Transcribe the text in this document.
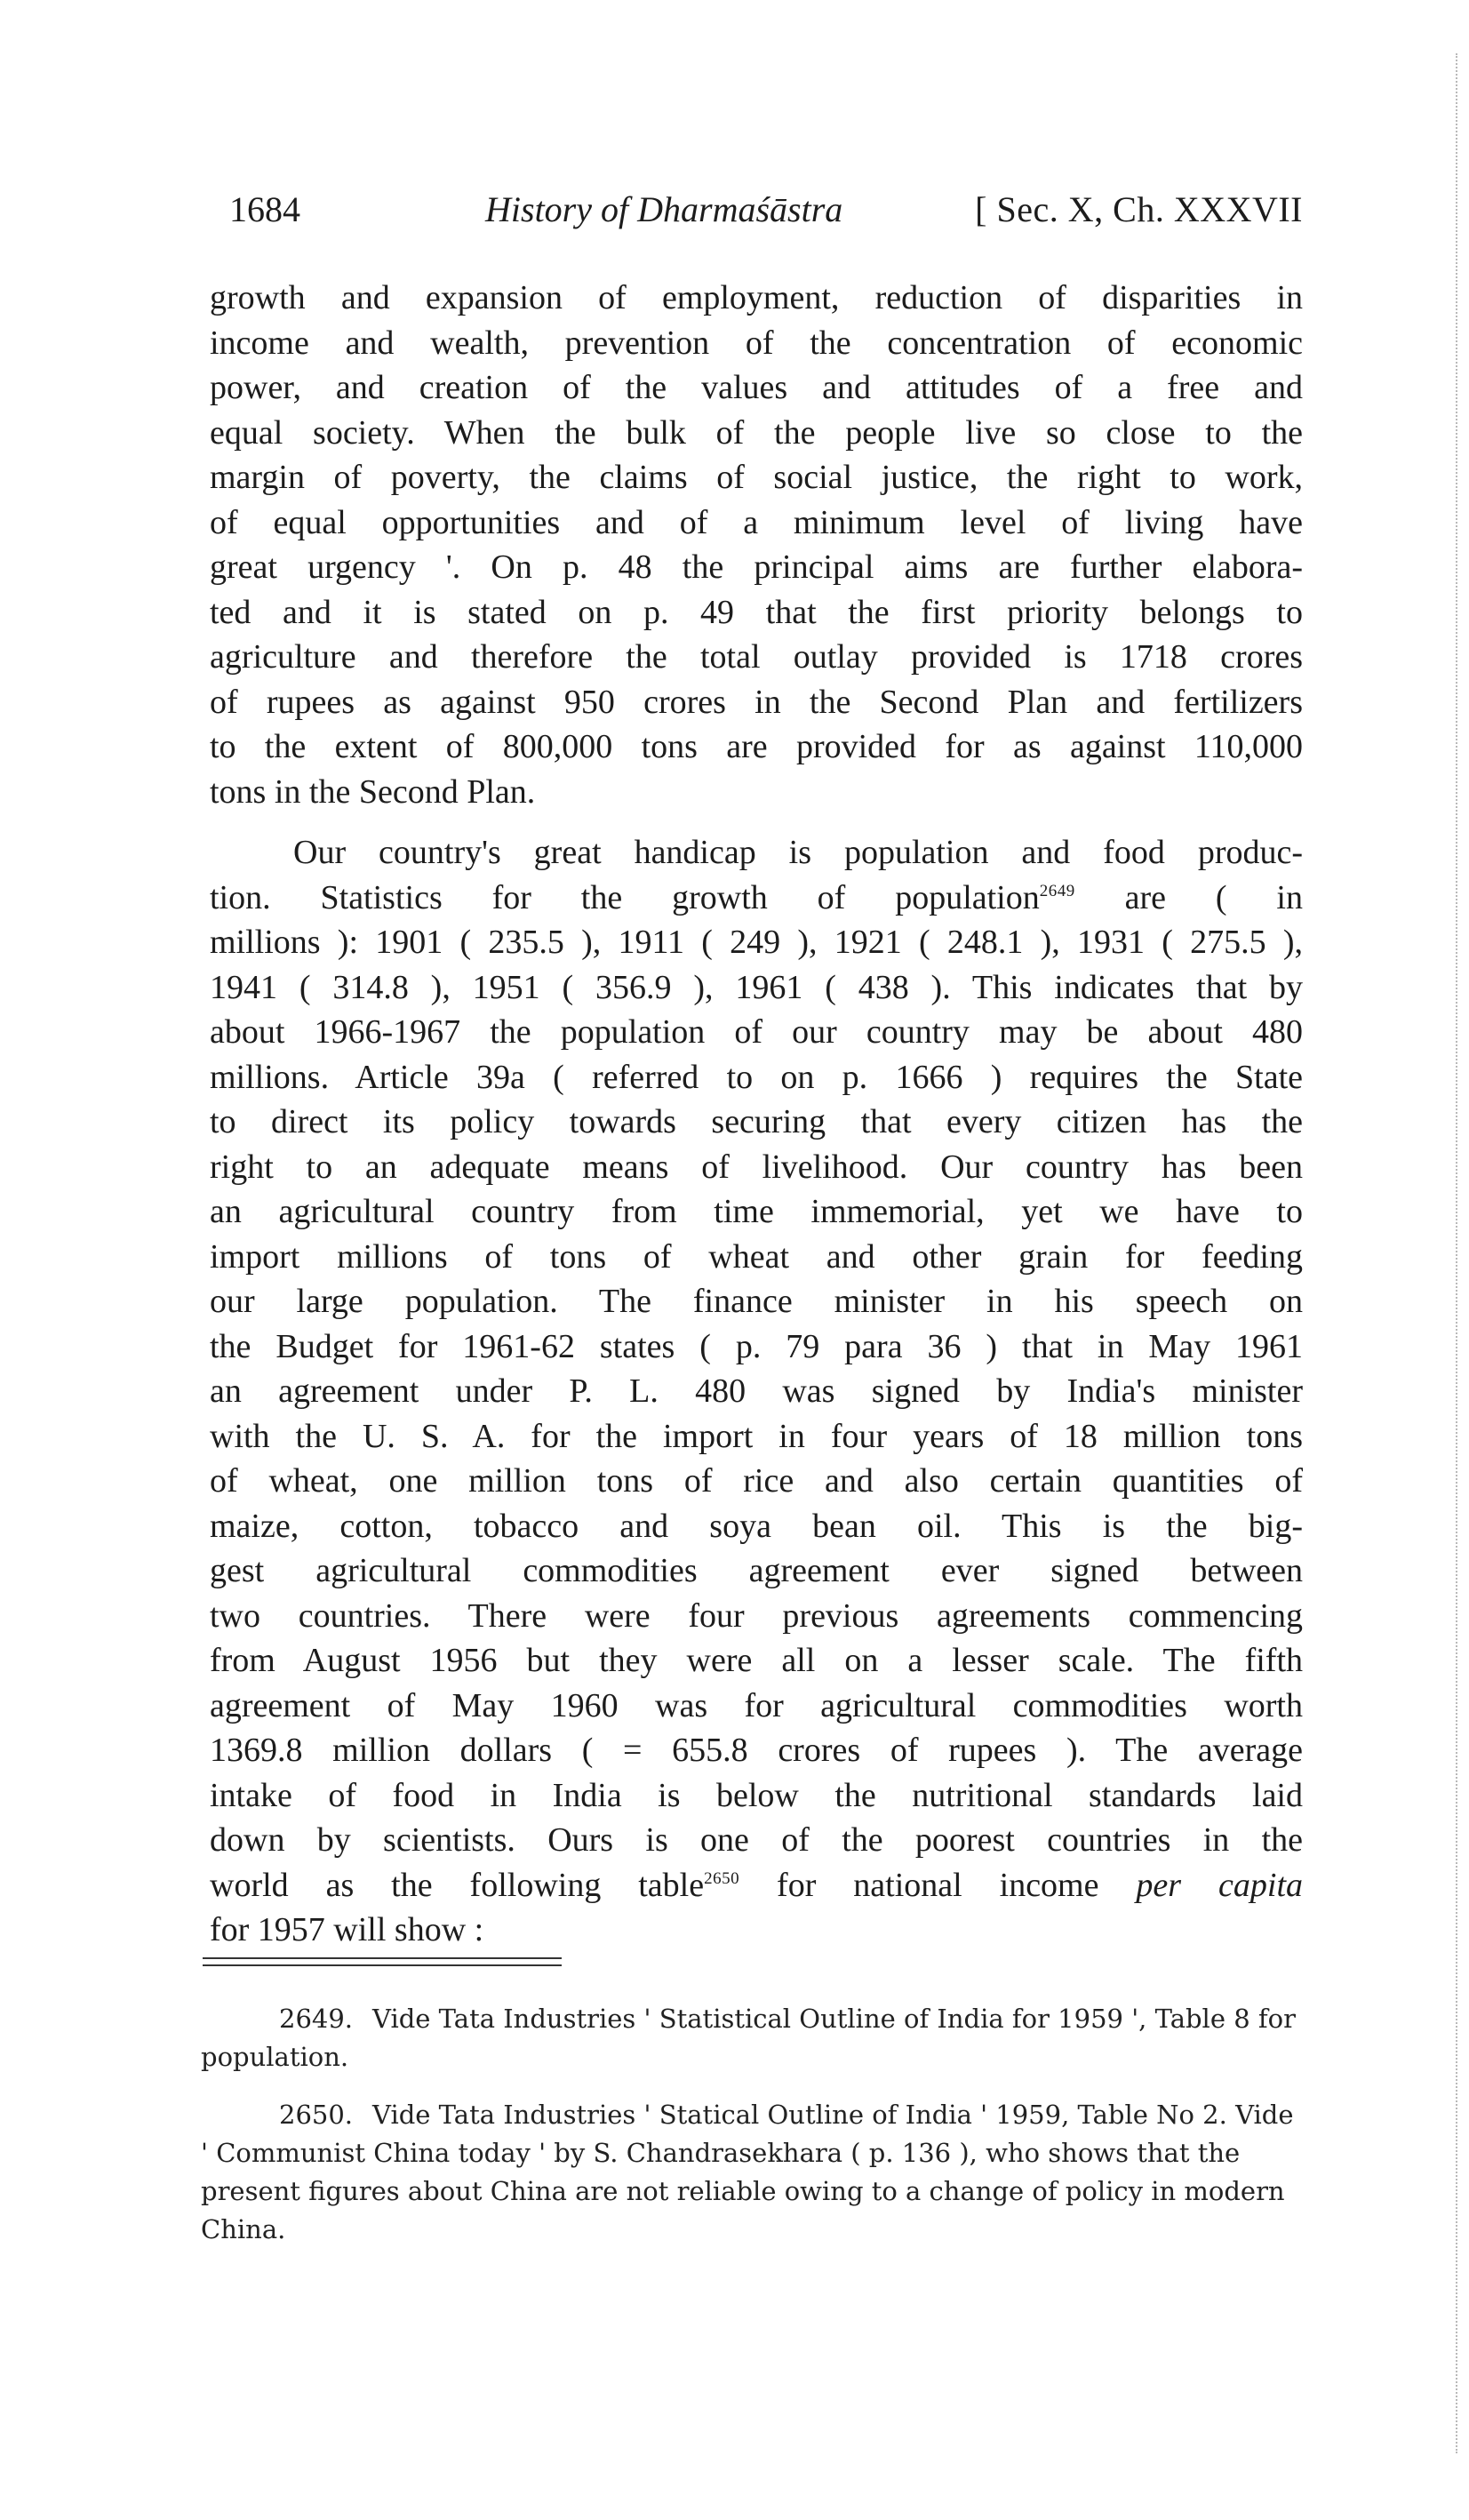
1684	History of Dharmaśāstra	[ Sec. X, Ch. XXXVII

growth and expansion of employment, reduction of disparities in
income and wealth, prevention of the concentration of economic
power, and creation of the values and attitudes of a free and
equal society. When the bulk of the people live so close to the
margin of poverty, the claims of social justice, the right to work,
of equal opportunities and of a minimum level of living have
great urgency '. On p. 48 the principal aims are further elabora-
ted and it is stated on p. 49 that the first priority belongs to
agriculture and therefore the total outlay provided is 1718 crores
of rupees as against 950 crores in the Second Plan and fertilizers
to the extent of 800,000 tons are provided for as against 110,000
tons in the Second Plan.

Our country's great handicap is population and food produc-
tion. Statistics for the growth of population$^{2649}$ are ( in
millions ): 1901 ( 235.5 ), 1911 ( 249 ), 1921 ( 248.1 ), 1931 ( 275.5 ),
1941 ( 314.8 ), 1951 ( 356.9 ), 1961 ( 438 ). This indicates that by
about 1966-1967 the population of our country may be about 480
millions. Article 39a ( referred to on p. 1666 ) requires the State
to direct its policy towards securing that every citizen has the
right to an adequate means of livelihood. Our country has been
an agricultural country from time immemorial, yet we have to
import millions of tons of wheat and other grain for feeding
our large population. The finance minister in his speech on
the Budget for 1961-62 states ( p. 79 para 36 ) that in May 1961
an agreement under P. L. 480 was signed by India's minister
with the U. S. A. for the import in four years of 18 million tons
of wheat, one million tons of rice and also certain quantities of
maize, cotton, tobacco and soya bean oil. This is the big-
gest agricultural commodities agreement ever signed between
two countries. There were four previous agreements commencing
from August 1956 but they were all on a lesser scale. The fifth
agreement of May 1960 was for agricultural commodities worth
1369.8 million dollars ( = 655.8 crores of rupees ). The average
intake of food in India is below the nutritional standards laid
down by scientists. Ours is one of the poorest countries in the
world as the following table$^{2650}$ for national income per capita
for 1957 will show :

2649. Vide Tata Industries ' Statistical Outline of India for 1959 ', Table 8 for population.

2650. Vide Tata Industries ' Statical Outline of India ' 1959, Table No 2. Vide ' Communist China today ' by S. Chandrasekhara ( p. 136 ), who shows that the present figures about China are not reliable owing to a change of policy in modern China.
